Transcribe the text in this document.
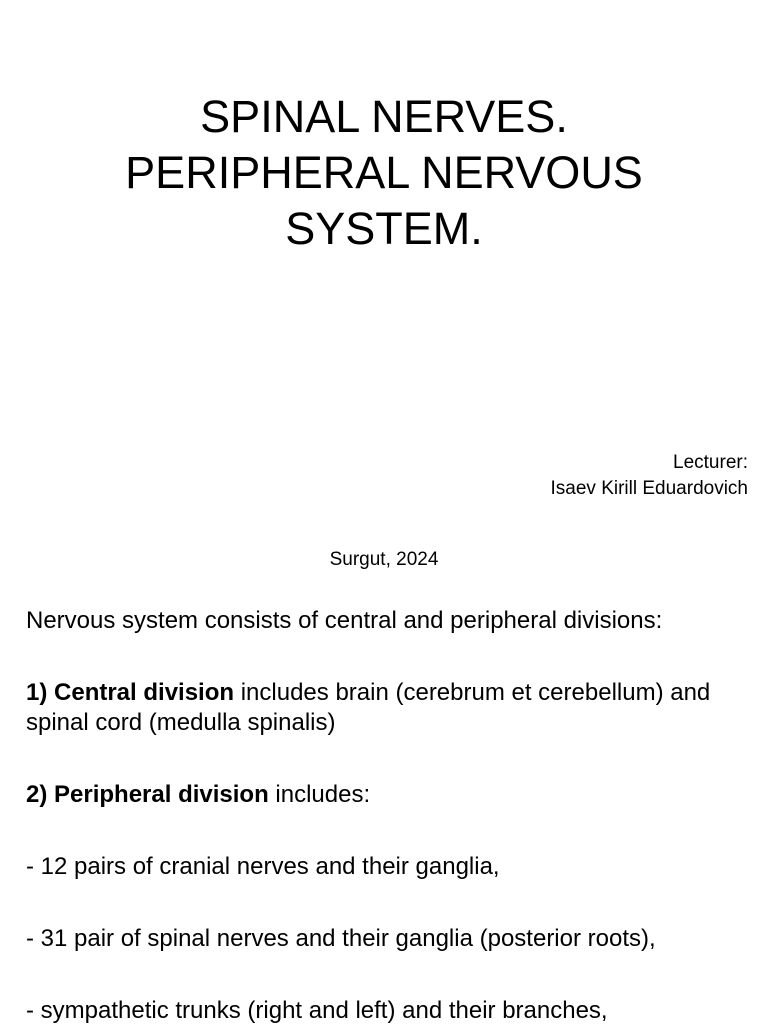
SPINAL NERVES.
PERIPHERAL NERVOUS
SYSTEM.
Lecturer:
Isaev Kirill Eduardovich
Surgut, 2024

Nervous system consists of central and peripheral divisions:

1) Central division includes brain (cerebrum et cerebellum) and spinal cord (medulla spinalis)

2) Peripheral division includes:

- 12 pairs of cranial nerves and their ganglia,

- 31 pair of spinal nerves and their ganglia (posterior roots),

- sympathetic trunks (right and left) and their branches,
